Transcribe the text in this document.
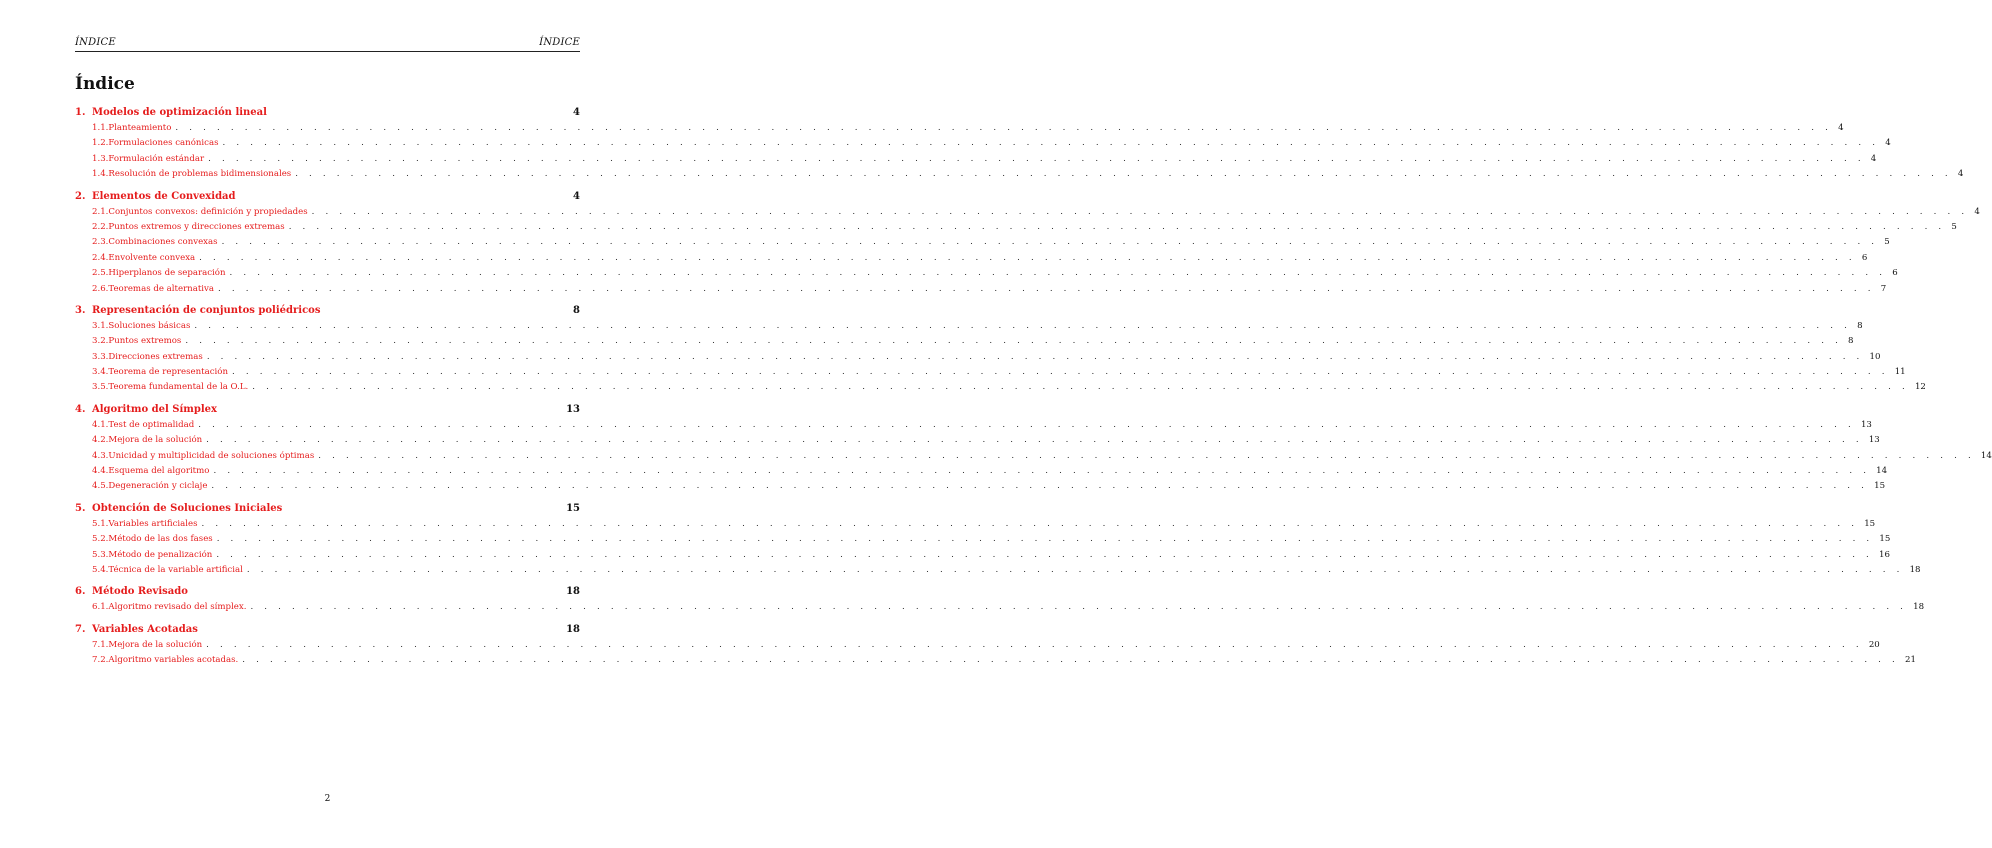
ÍNDICE	ÍNDICE
Índice
1. Modelos de optimización lineal	4
1.1. Planteamiento . . . . . . . . . . . . . . . . . . . . . . . . . . . . . . . . . . . . . . . . . . . . . . . . . . . . . . . . . . . . . . . . . . . . . . . . . . . . . . . . . . . . . . . . . . . . . . . . . . . . . . . . . . . . . . . . . . . . . . . . 4
1.2. Formulaciones canónicas . . . . . . . . . . . . . . . . . . . . . . . . . . . . . . . . . . . . . . . . . . . . . . . . . . . . . . . . . . . . . . . . . . . . . . . . . . . . . . . . . . . . . . . . . . . . . . . . . . . . . . . . . . . . . . . . . . . . . . . . 4
1.3. Formulación estándar . . . . . . . . . . . . . . . . . . . . . . . . . . . . . . . . . . . . . . . . . . . . . . . . . . . . . . . . . . . . . . . . . . . . . . . . . . . . . . . . . . . . . . . . . . . . . . . . . . . . . . . . . . . . . . . . . . . . . . . . 4
1.4. Resolución de problemas bidimensionales . . . . . . . . . . . . . . . . . . . . . . . . . . . . . . . . . . . . . . . . . . . . . . . . . . . . . . . . . . . . . . . . . . . . . . . . . . . . . . . . . . . . . . . . . . . . . . . . . . . . . . . . . . . . . . . . . . . . . . . . 4
2. Elementos de Convexidad	4
2.1. Conjuntos convexos: definición y propiedades . . . . . . . . . . . . . . . . . . . . . . . . . . . . . . . . . . . . . . . . . . . . . . . . . . . . . . . . . . . . . . . . . . . . . . . . . . . . . . . . . . . . . . . . . . . . . . . . . . . . . . . . . . . . . . . . . . . . . . . . 4
2.2. Puntos extremos y direcciones extremas . . . . . . . . . . . . . . . . . . . . . . . . . . . . . . . . . . . . . . . . . . . . . . . . . . . . . . . . . . . . . . . . . . . . . . . . . . . . . . . . . . . . . . . . . . . . . . . . . . . . . . . . . . . . . . . . . . . . . . . . 5
2.3. Combinaciones convexas . . . . . . . . . . . . . . . . . . . . . . . . . . . . . . . . . . . . . . . . . . . . . . . . . . . . . . . . . . . . . . . . . . . . . . . . . . . . . . . . . . . . . . . . . . . . . . . . . . . . . . . . . . . . . . . . . . . . . . . . 5
2.4. Envolvente convexa . . . . . . . . . . . . . . . . . . . . . . . . . . . . . . . . . . . . . . . . . . . . . . . . . . . . . . . . . . . . . . . . . . . . . . . . . . . . . . . . . . . . . . . . . . . . . . . . . . . . . . . . . . . . . . . . . . . . . . . . 6
2.5. Hiperplanos de separación . . . . . . . . . . . . . . . . . . . . . . . . . . . . . . . . . . . . . . . . . . . . . . . . . . . . . . . . . . . . . . . . . . . . . . . . . . . . . . . . . . . . . . . . . . . . . . . . . . . . . . . . . . . . . . . . . . . . . . . . 6
2.6. Teoremas de alternativa . . . . . . . . . . . . . . . . . . . . . . . . . . . . . . . . . . . . . . . . . . . . . . . . . . . . . . . . . . . . . . . . . . . . . . . . . . . . . . . . . . . . . . . . . . . . . . . . . . . . . . . . . . . . . . . . . . . . . . . . 7
3. Representación de conjuntos poliédricos	8
3.1. Soluciones básicas . . . . . . . . . . . . . . . . . . . . . . . . . . . . . . . . . . . . . . . . . . . . . . . . . . . . . . . . . . . . . . . . . . . . . . . . . . . . . . . . . . . . . . . . . . . . . . . . . . . . . . . . . . . . . . . . . . . . . . . . 8
3.2. Puntos extremos . . . . . . . . . . . . . . . . . . . . . . . . . . . . . . . . . . . . . . . . . . . . . . . . . . . . . . . . . . . . . . . . . . . . . . . . . . . . . . . . . . . . . . . . . . . . . . . . . . . . . . . . . . . . . . . . . . . . . . . . 8
3.3. Direcciones extremas . . . . . . . . . . . . . . . . . . . . . . . . . . . . . . . . . . . . . . . . . . . . . . . . . . . . . . . . . . . . . . . . . . . . . . . . . . . . . . . . . . . . . . . . . . . . . . . . . . . . . . . . . . . . . . . . . . . . . . . . 10
3.4. Teorema de representación . . . . . . . . . . . . . . . . . . . . . . . . . . . . . . . . . . . . . . . . . . . . . . . . . . . . . . . . . . . . . . . . . . . . . . . . . . . . . . . . . . . . . . . . . . . . . . . . . . . . . . . . . . . . . . . . . . . . . . . . 11
3.5. Teorema fundamental de la O.L. . . . . . . . . . . . . . . . . . . . . . . . . . . . . . . . . . . . . . . . . . . . . . . . . . . . . . . . . . . . . . . . . . . . . . . . . . . . . . . . . . . . . . . . . . . . . . . . . . . . . . . . . . . . . . . . . . . . . . . . . 12
4. Algoritmo del Símplex	13
4.1. Test de optimalidad . . . . . . . . . . . . . . . . . . . . . . . . . . . . . . . . . . . . . . . . . . . . . . . . . . . . . . . . . . . . . . . . . . . . . . . . . . . . . . . . . . . . . . . . . . . . . . . . . . . . . . . . . . . . . . . . . . . . . . . . 13
4.2. Mejora de la solución . . . . . . . . . . . . . . . . . . . . . . . . . . . . . . . . . . . . . . . . . . . . . . . . . . . . . . . . . . . . . . . . . . . . . . . . . . . . . . . . . . . . . . . . . . . . . . . . . . . . . . . . . . . . . . . . . . . . . . . . 13
4.3. Unicidad y multiplicidad de soluciones óptimas . . . . . . . . . . . . . . . . . . . . . . . . . . . . . . . . . . . . . . . . . . . . . . . . . . . . . . . . . . . . . . . . . . . . . . . . . . . . . . . . . . . . . . . . . . . . . . . . . . . . . . . . . . . . . . . . . . . . . . . . 14
4.4. Esquema del algoritmo . . . . . . . . . . . . . . . . . . . . . . . . . . . . . . . . . . . . . . . . . . . . . . . . . . . . . . . . . . . . . . . . . . . . . . . . . . . . . . . . . . . . . . . . . . . . . . . . . . . . . . . . . . . . . . . . . . . . . . . . 14
4.5. Degeneración y ciclaje . . . . . . . . . . . . . . . . . . . . . . . . . . . . . . . . . . . . . . . . . . . . . . . . . . . . . . . . . . . . . . . . . . . . . . . . . . . . . . . . . . . . . . . . . . . . . . . . . . . . . . . . . . . . . . . . . . . . . . . . 15
5. Obtención de Soluciones Iniciales	15
5.1. Variables artificiales . . . . . . . . . . . . . . . . . . . . . . . . . . . . . . . . . . . . . . . . . . . . . . . . . . . . . . . . . . . . . . . . . . . . . . . . . . . . . . . . . . . . . . . . . . . . . . . . . . . . . . . . . . . . . . . . . . . . . . . . 15
5.2. Método de las dos fases . . . . . . . . . . . . . . . . . . . . . . . . . . . . . . . . . . . . . . . . . . . . . . . . . . . . . . . . . . . . . . . . . . . . . . . . . . . . . . . . . . . . . . . . . . . . . . . . . . . . . . . . . . . . . . . . . . . . . . . . 15
5.3. Método de penalización . . . . . . . . . . . . . . . . . . . . . . . . . . . . . . . . . . . . . . . . . . . . . . . . . . . . . . . . . . . . . . . . . . . . . . . . . . . . . . . . . . . . . . . . . . . . . . . . . . . . . . . . . . . . . . . . . . . . . . . . 16
5.4. Técnica de la variable artificial . . . . . . . . . . . . . . . . . . . . . . . . . . . . . . . . . . . . . . . . . . . . . . . . . . . . . . . . . . . . . . . . . . . . . . . . . . . . . . . . . . . . . . . . . . . . . . . . . . . . . . . . . . . . . . . . . . . . . . . . 18
6. Método Revisado	18
6.1. Algoritmo revisado del símplex. . . . . . . . . . . . . . . . . . . . . . . . . . . . . . . . . . . . . . . . . . . . . . . . . . . . . . . . . . . . . . . . . . . . . . . . . . . . . . . . . . . . . . . . . . . . . . . . . . . . . . . . . . . . . . . . . . . . . . . . . 18
7. Variables Acotadas	18
7.1. Mejora de la solución . . . . . . . . . . . . . . . . . . . . . . . . . . . . . . . . . . . . . . . . . . . . . . . . . . . . . . . . . . . . . . . . . . . . . . . . . . . . . . . . . . . . . . . . . . . . . . . . . . . . . . . . . . . . . . . . . . . . . . . . 20
7.2. Algoritmo variables acotadas. . . . . . . . . . . . . . . . . . . . . . . . . . . . . . . . . . . . . . . . . . . . . . . . . . . . . . . . . . . . . . . . . . . . . . . . . . . . . . . . . . . . . . . . . . . . . . . . . . . . . . . . . . . . . . . . . . . . . . . . . 21
2
